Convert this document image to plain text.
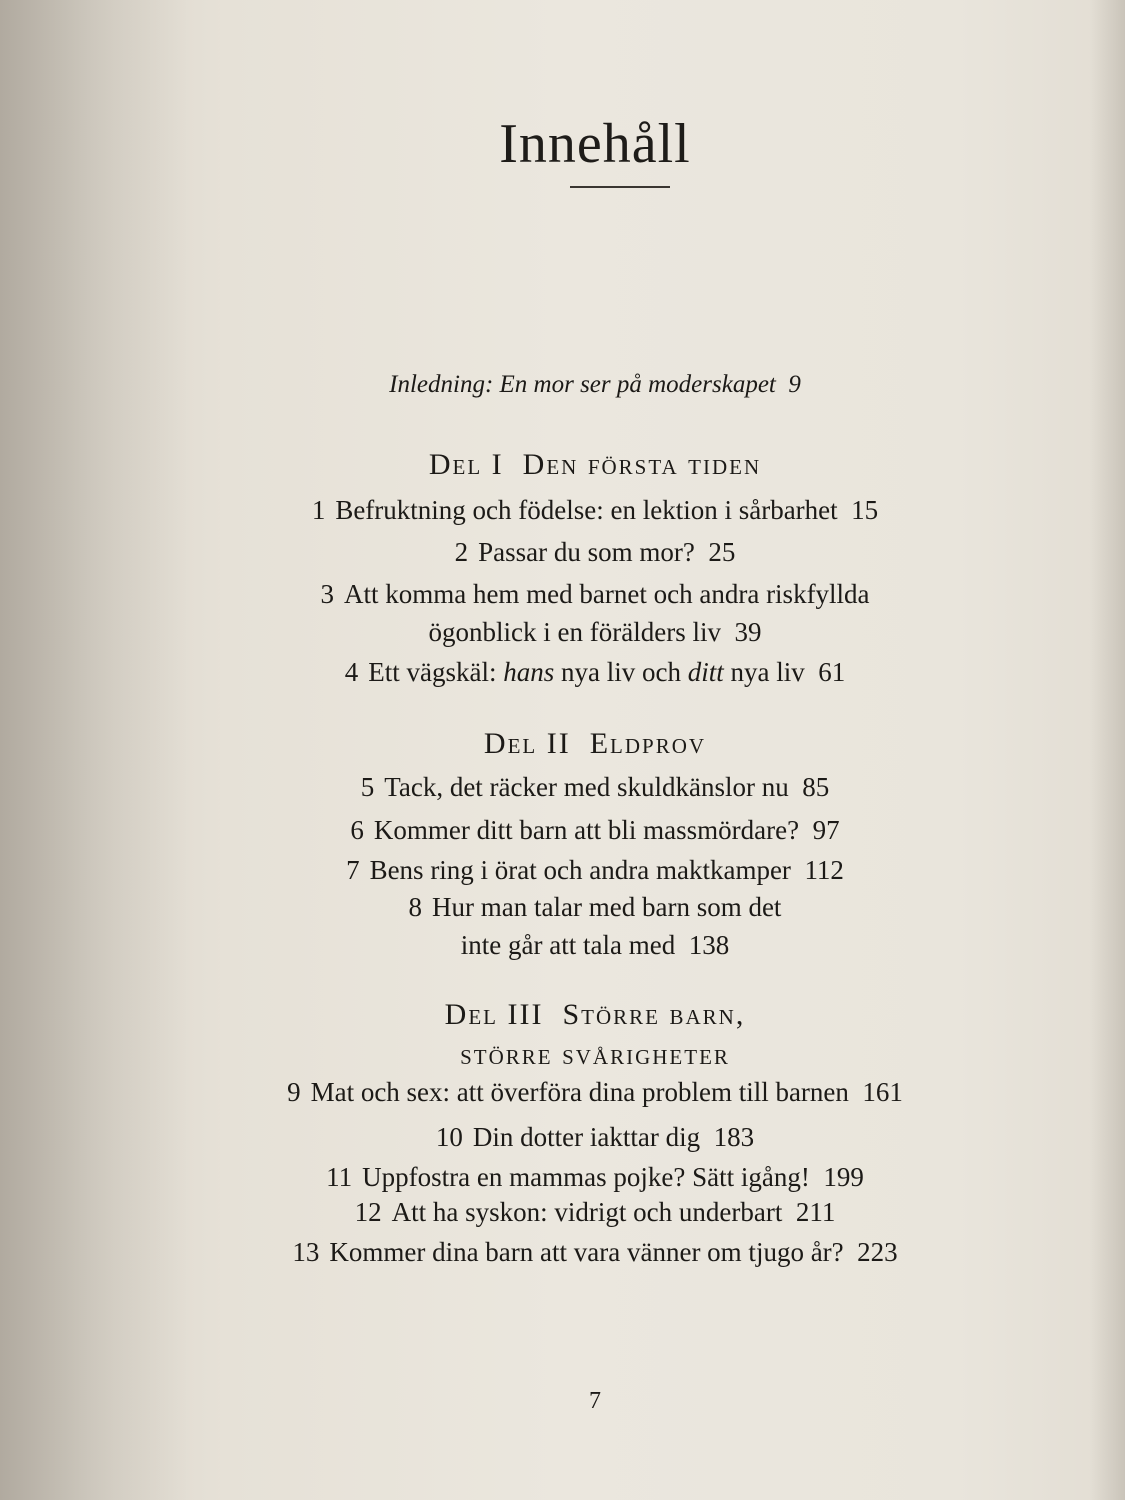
Innehåll
Inledning: En mor ser på moderskapet 9
Del I Den första tiden
1 Befruktning och födelse: en lektion i sårbarhet 15
2 Passar du som mor? 25
3 Att komma hem med barnet och andra riskfyllda
ögonblick i en förälders liv 39
4 Ett vägskäl: hans nya liv och ditt nya liv 61
Del II Eldprov
5 Tack, det räcker med skuldkänslor nu 85
6 Kommer ditt barn att bli massmördare? 97
7 Bens ring i örat och andra maktkamper 112
8 Hur man talar med barn som det
inte går att tala med 138
Del III Större barn,
större svårigheter
9 Mat och sex: att överföra dina problem till barnen 161
10 Din dotter iakttar dig 183
11 Uppfostra en mammas pojke? Sätt igång! 199
12 Att ha syskon: vidrigt och underbart 211
13 Kommer dina barn att vara vänner om tjugo år? 223
7
